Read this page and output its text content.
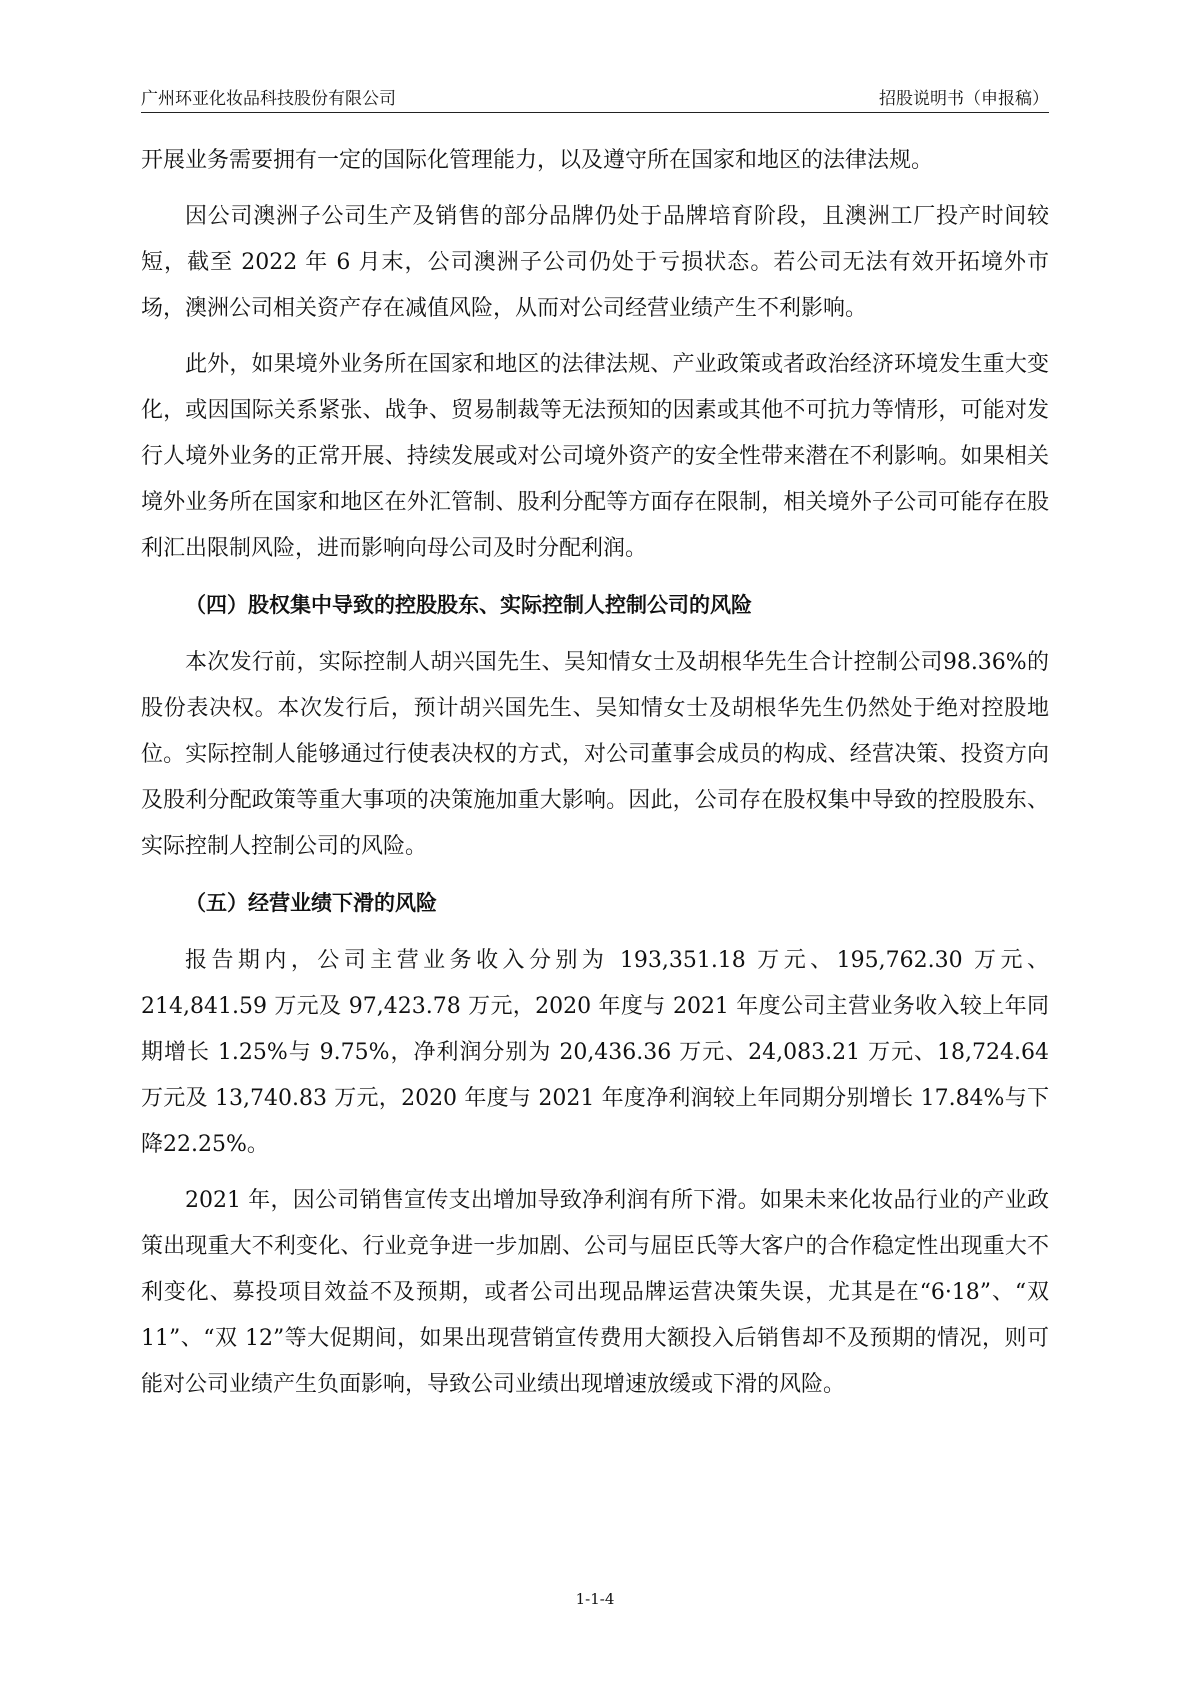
广州环亚化妆品科技股份有限公司	招股说明书（申报稿）

开展业务需要拥有一定的国际化管理能力，以及遵守所在国家和地区的法律法规。

因公司澳洲子公司生产及销售的部分品牌仍处于品牌培育阶段，且澳洲工厂投产时间较短，截至 2022 年 6 月末，公司澳洲子公司仍处于亏损状态。若公司无法有效开拓境外市场，澳洲公司相关资产存在减值风险，从而对公司经营业绩产生不利影响。

此外，如果境外业务所在国家和地区的法律法规、产业政策或者政治经济环境发生重大变化，或因国际关系紧张、战争、贸易制裁等无法预知的因素或其他不可抗力等情形，可能对发行人境外业务的正常开展、持续发展或对公司境外资产的安全性带来潜在不利影响。如果相关境外业务所在国家和地区在外汇管制、股利分配等方面存在限制，相关境外子公司可能存在股利汇出限制风险，进而影响向母公司及时分配利润。

（四）股权集中导致的控股股东、实际控制人控制公司的风险

本次发行前，实际控制人胡兴国先生、吴知情女士及胡根华先生合计控制公司98.36%的股份表决权。本次发行后，预计胡兴国先生、吴知情女士及胡根华先生仍然处于绝对控股地位。实际控制人能够通过行使表决权的方式，对公司董事会成员的构成、经营决策、投资方向及股利分配政策等重大事项的决策施加重大影响。因此，公司存在股权集中导致的控股股东、实际控制人控制公司的风险。

（五）经营业绩下滑的风险

报告期内，公司主营业务收入分别为 193,351.18 万元、195,762.30 万元、214,841.59 万元及 97,423.78 万元，2020 年度与 2021 年度公司主营业务收入较上年同期增长 1.25%与 9.75%，净利润分别为 20,436.36 万元、24,083.21 万元、18,724.64 万元及 13,740.83 万元，2020 年度与 2021 年度净利润较上年同期分别增长 17.84%与下降22.25%。

2021 年，因公司销售宣传支出增加导致净利润有所下滑。如果未来化妆品行业的产业政策出现重大不利变化、行业竞争进一步加剧、公司与屈臣氏等大客户的合作稳定性出现重大不利变化、募投项目效益不及预期，或者公司出现品牌运营决策失误，尤其是在“6·18”、“双 11”、“双 12”等大促期间，如果出现营销宣传费用大额投入后销售却不及预期的情况，则可能对公司业绩产生负面影响，导致公司业绩出现增速放缓或下滑的风险。

1-1-4
